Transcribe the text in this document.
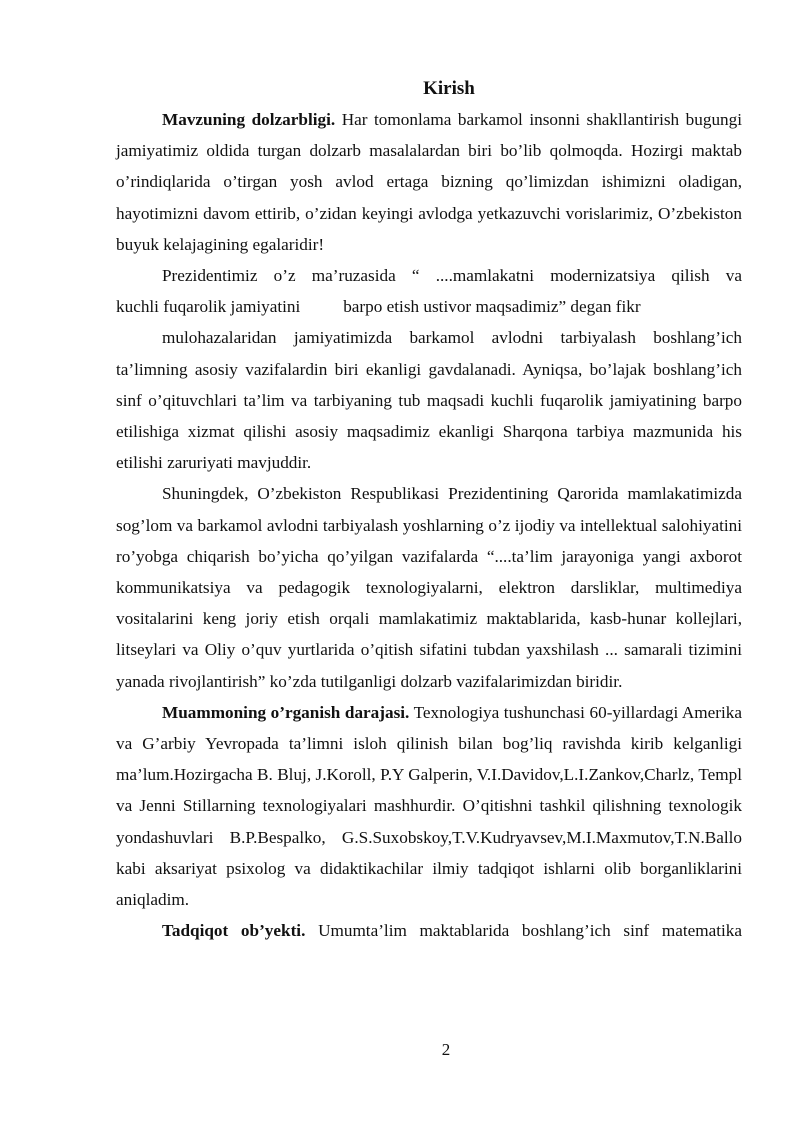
Kirish

Mavzuning dolzarbligi. Har tomonlama barkamol insonni shakllantirish bugungi jamiyatimiz oldida turgan dolzarb masalalardan biri bo’lib qolmoqda. Hozirgi maktab o’rindiqlarida o’tirgan yosh avlod ertaga bizning qo’limizdan ishimizni oladigan, hayotimizni davom ettirib, o’zidan keyingi avlodga yetkazuvchi vorislarimiz, O’zbekiston buyuk kelajagining egalaridir!

Prezidentimiz o’z ma’ruzasida “ ....mamlakatni modernizatsiya qilish va

kuchli fuqarolik jamiyatini          barpo etish ustivor maqsadimiz” degan fikr

mulohazalaridan jamiyatimizda barkamol avlodni tarbiyalash boshlang’ich ta’limning asosiy vazifalardin biri ekanligi gavdalanadi. Ayniqsa, bo’lajak boshlang’ich sinf o’qituvchlari ta’lim va tarbiyaning tub maqsadi kuchli fuqarolik jamiyatining barpo etilishiga xizmat qilishi asosiy maqsadimiz ekanligi Sharqona tarbiya mazmunida his etilishi zaruriyati mavjuddir.

Shuningdek, O’zbekiston Respublikasi Prezidentining Qarorida mamlakatimizda sog’lom va barkamol avlodni tarbiyalash yoshlarning o’z ijodiy va intellektual salohiyatini ro’yobga chiqarish bo’yicha qo’yilgan vazifalarda “....ta’lim jarayoniga yangi axborot kommunikatsiya va pedagogik texnologiyalarni, elektron darsliklar, multimediya vositalarini keng joriy etish orqali mamlakatimiz maktablarida, kasb-hunar kollejlari, litseylari va Oliy o’quv yurtlarida o’qitish sifatini tubdan yaxshilash ... samarali tizimini yanada rivojlantirish” ko’zda tutilganligi dolzarb vazifalarimizdan biridir.

Muammoning o’rganish darajasi. Texnologiya tushunchasi 60-yillardagi Amerika va G’arbiy Yevropada ta’limni isloh qilinish bilan bog’liq ravishda kirib kelganligi ma’lum.Hozirgacha B. Bluj, J.Koroll, P.Y Galperin, V.I.Davidov,L.I.Zankov,Charlz, Templ va Jenni Stillarning texnologiyalari mashhurdir. O’qitishni tashkil qilishning texnologik yondashuvlari B.P.Bespalko, G.S.Suxobskoy,T.V.Kudryavsev,M.I.Maxmutov,T.N.Ballo kabi aksariyat psixolog va didaktikachilar ilmiy tadqiqot ishlarni olib borganliklarini aniqladim.

Tadqiqot ob’yekti. Umumta’lim maktablarida boshlang’ich sinf matematika

2
